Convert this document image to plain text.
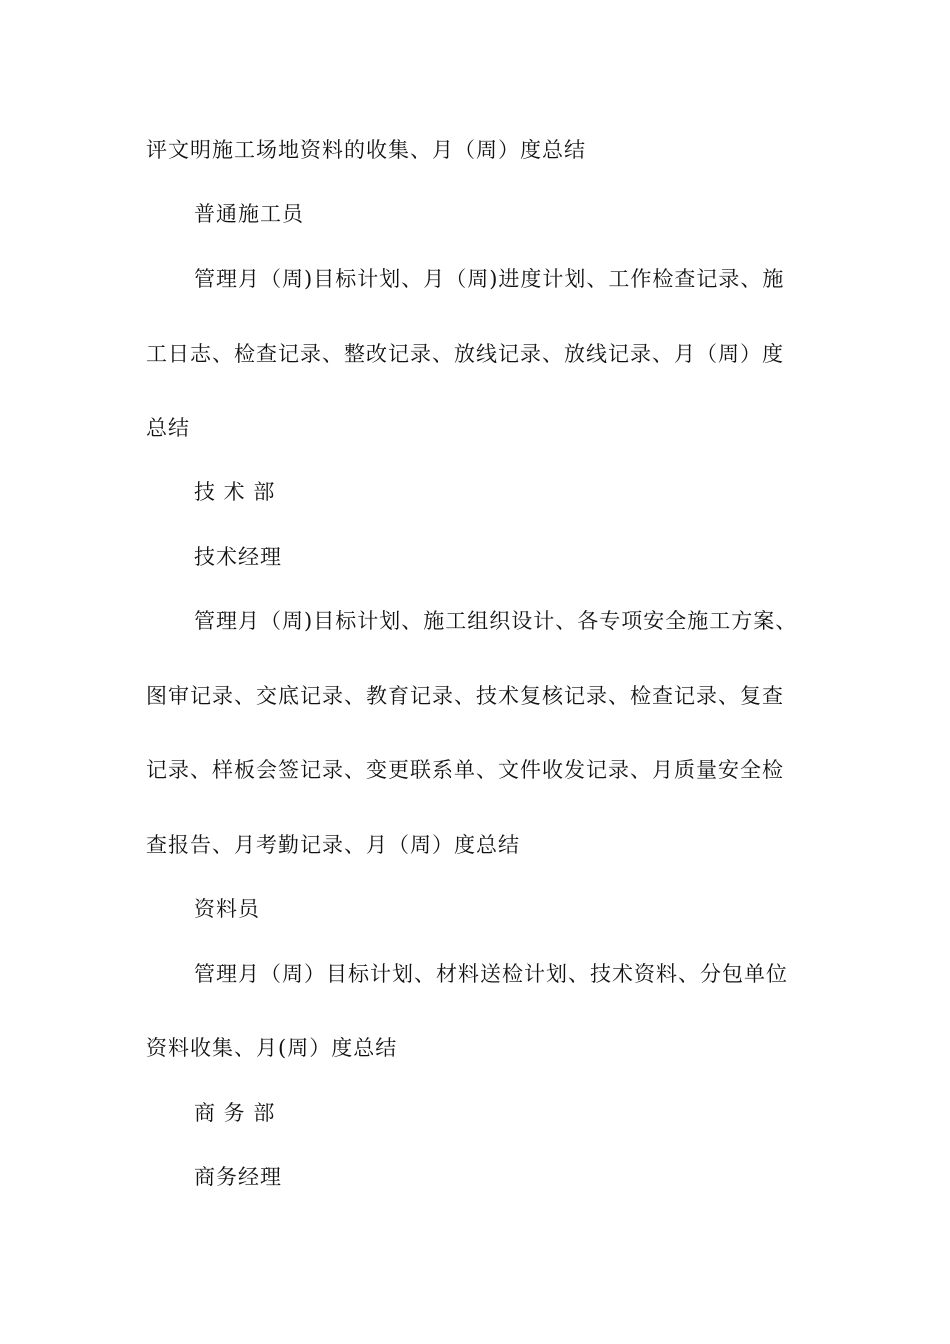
评文明施工场地资料的收集、月（周）度总结
普通施工员
管理月（周)目标计划、月（周)进度计划、工作检查记录、施
工日志、检查记录、整改记录、放线记录、放线记录、月（周）度
总结
技 术 部
技术经理
管理月（周)目标计划、施工组织设计、各专项安全施工方案、
图审记录、交底记录、教育记录、技术复核记录、检查记录、复查
记录、样板会签记录、变更联系单、文件收发记录、月质量安全检
查报告、月考勤记录、月（周）度总结
资料员
管理月（周）目标计划、材料送检计划、技术资料、分包单位
资料收集、月(周）度总结
商 务 部
商务经理
